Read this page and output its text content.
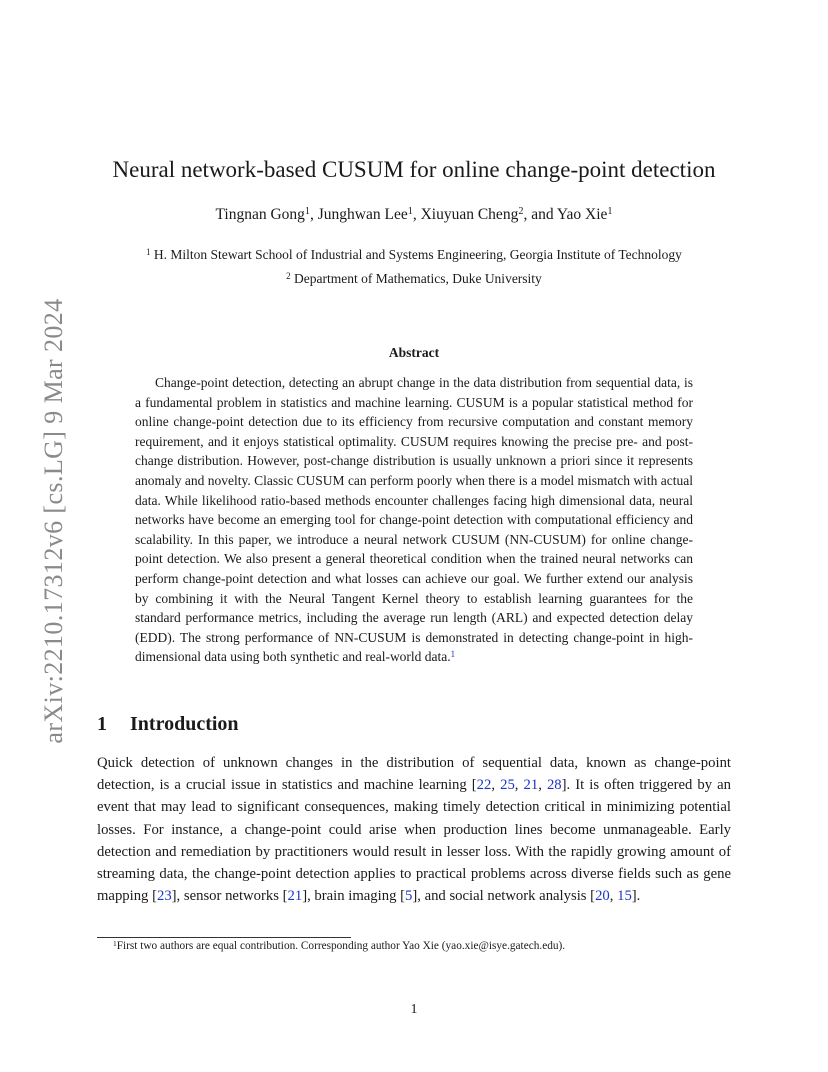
arXiv:2210.17312v6 [cs.LG] 9 Mar 2024
Neural network-based CUSUM for online change-point detection
Tingnan Gong$^1$, Junghwan Lee$^1$, Xiuyuan Cheng$^2$, and Yao Xie$^1$
$^1$ H. Milton Stewart School of Industrial and Systems Engineering, Georgia Institute of Technology
$^2$ Department of Mathematics, Duke University
Abstract

Change-point detection, detecting an abrupt change in the data distribution from sequential data, is a fundamental problem in statistics and machine learning. CUSUM is a popular statistical method for online change-point detection due to its efficiency from recursive computation and constant memory requirement, and it enjoys statistical optimality. CUSUM requires knowing the precise pre- and post-change distribution. However, post-change distribution is usually unknown a priori since it represents anomaly and novelty. Classic CUSUM can perform poorly when there is a model mismatch with actual data. While likelihood ratio-based methods encounter challenges facing high dimensional data, neural networks have become an emerging tool for change-point detection with computational efficiency and scalability. In this paper, we introduce a neural network CUSUM (NN-CUSUM) for online change-point detection. We also present a general theoretical condition when the trained neural networks can perform change-point detection and what losses can achieve our goal. We further extend our analysis by combining it with the Neural Tangent Kernel theory to establish learning guarantees for the standard performance metrics, including the average run length (ARL) and expected detection delay (EDD). The strong performance of NN-CUSUM is demonstrated in detecting change-point in high-dimensional data using both synthetic and real-world data.$^1$

1 Introduction

Quick detection of unknown changes in the distribution of sequential data, known as change-point detection, is a crucial issue in statistics and machine learning [22, 25, 21, 28]. It is often triggered by an event that may lead to significant consequences, making timely detection critical in minimizing potential losses. For instance, a change-point could arise when production lines become unmanageable. Early detection and remediation by practitioners would result in lesser loss. With the rapidly growing amount of streaming data, the change-point detection applies to practical problems across diverse fields such as gene mapping [23], sensor networks [21], brain imaging [5], and social network analysis [20, 15].

$^1$First two authors are equal contribution. Corresponding author Yao Xie (yao.xie@isye.gatech.edu).

1
